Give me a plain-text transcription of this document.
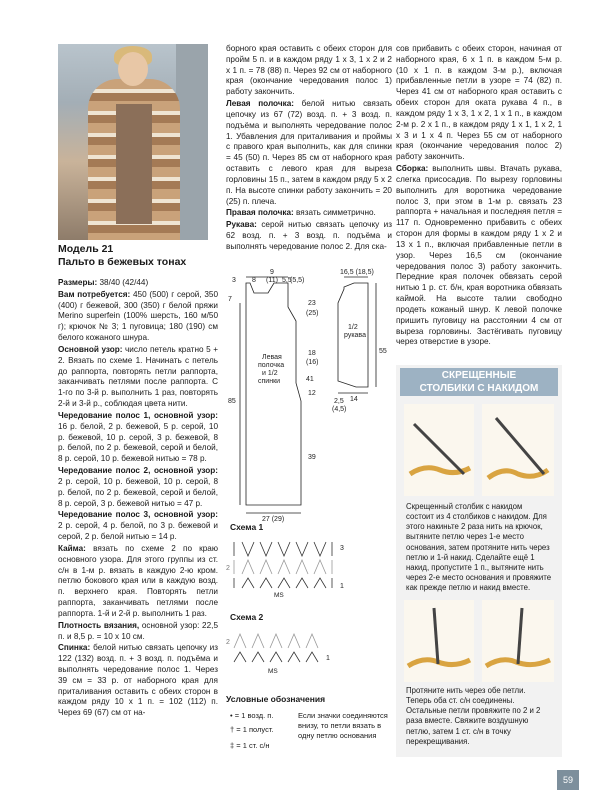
Модель 21
Пальто в бежевых тонах

Размеры: 38/40 (42/44)

Вам потребуется: 450 (500) г серой, 350 (400) г бежевой, 300 (350) г белой пряжи Merino superfein (100% шерсть, 160 м/50 г); крючок № 3; 1 пуговица; 180 (190) см белого кожаного шнура.

Основной узор: число петель кратно 5 + 2. Вязать по схеме 1. Начинать с петель до раппорта, повторять петли раппорта, заканчивать петлями после раппорта. С 1-го по 3-й р. выполнить 1 раз, повторять 2-й и 3-й р., соблюдая цвета нити.

Чередование полос 1, основной узор: 16 р. белой, 2 р. бежевой, 5 р. серой, 10 р. бежевой, 10 р. серой, 3 р. бежевой, 8 р. белой, по 2 р. бежевой, серой и белой, 8 р. серой, 10 р. бежевой нитью = 78 р.

Чередование полос 2, основной узор: 2 р. серой, 10 р. бежевой, 10 р. серой, 8 р. белой, по 2 р. бежевой, серой и белой, 8 р. серой, 3 р. бежевой нитью = 47 р.

Чередование полос 3, основной узор: 2 р. серой, 4 р. белой, по 3 р. бежевой и серой, 2 р. белой нитью = 14 р.

Кайма: вязать по схеме 2 по краю основного узора. Для этого группы из ст. с/н в 1-м р. вязать в каждую 2-ю кром. петлю бокового края или в каждую возд. п. верхнего края. Повторять петли раппорта, заканчивать петлями после раппорта. 1-й и 2-й р. выполнить 1 раз.

Плотность вязания, основной узор: 22,5 п. и 8,5 р. = 10 х 10 см.

Спинка: белой нитью связать цепочку из 122 (132) возд. п. + 3 возд. п. подъёма и выполнять чередование полос 1. Через 39 см = 33 р. от наборного края для приталивания оставить с обеих сторон в каждом ряду 10 х 1 п. = 102 (112) п. Через 69 (67) см от на-

борного края оставить с обеих сторон для пройм 5 п. и в каждом ряду 1 х 3, 1 х 2 и 2 х 1 п. = 78 (88) п. Через 92 см от наборного края (окончание чередования полос 1) работу закончить.

Левая полочка: белой нитью связать цепочку из 67 (72) возд. п. + 3 возд. п. подъёма и выполнять чередование полос 1. Убавления для приталивания и проймы с правого края выполнить, как для спинки = 45 (50) п. Через 85 см от наборного края оставить с левого края для выреза горловины 15 п., затем в каждом ряду 5 х 2 п. На высоте спинки работу закончить = 20 (25) п. плеча.

Правая полочка: вязать симметрично.

Рукава: серой нитью связать цепочку из 62 возд. п. + 3 возд. п. подъёма и выполнять чередование полос 2. Для ска-

сов прибавить с обеих сторон, начиная от наборного края, 6 х 1 п. в каждом 5-м р. (10 х 1 п. в каждом 3-м р.), включая прибавленные петли в узоре = 74 (82) п. Через 41 см от наборного края оставить с обеих сторон для оката рукава 4 п., в каждом ряду 1 х 3, 1 х 2, 1 х 1 п., в каждом 2-м р. 2 х 1 п., в каждом ряду 1 х 1, 1 х 2, 1 х 3 и 1 х 4 п. Через 55 см от наборного края (окончание чередования полос 2) работу закончить.

Сборка: выполнить швы. Втачать рукава, слегка присосадив. По вырезу горловины выполнить для воротника чередование полос 3, при этом в 1-м р. связать 23 раппорта + начальная и последняя петля = 117 п. Одновременно прибавить с обеих сторон для формы в каждом ряду 1 х 2 и 13 х 1 п., включая прибавленные петли в узор. Через 16,5 см (окончание чередования полос 3) работу закончить. Передние края полочек обвязать серой нитью 1 р. ст. б/н, края воротника обвязать каймой. На высоте талии свободно продеть кожаный шнур. К левой полочке пришить пуговицу на расстоянии 4 см от выреза горловины. Застёгивать пуговицу через отверстие в узоре.

9
(11)
3 8	5,5
(5,5)
7
23
(25)
18
(16)
41
12
39
85
27 (29)
Левая
полочка
и 1/2
спинки
16,5 (18,5)
1/2
рукава
55
14
2,5
(4,5)
Схема 1
3
2
1
MS
Схема 2
2
1
MS
Условные обозначения
• = 1 возд. п.
† = 1 полуст.
‡ = 1 ст. с/н
Если значки соединяются внизу, то петли вязать в одну петлю основания
СКРЕЩЕННЫЕ
СТОЛБИКИ С НАКИДОМ
Скрещенный столбик с накидом состоит из 4 столбиков с накидом. Для этого накиньте 2 раза нить на крючок, вытяните петлю через 1-е место основания, затем протяните нить через петлю и 1-й накид. Сделайте ещё 1 накид, пропустите 1 п., вытяните нить через 2-е место основания и провяжите как прежде петлю и накид вместе.
Протяните нить через обе петли. Теперь оба ст. с/н соединены. Остальные петли провяжите по 2 и 2 раза вместе. Свяжите воздушную петлю, затем 1 ст. с/н в точку перекрещивания.
59
